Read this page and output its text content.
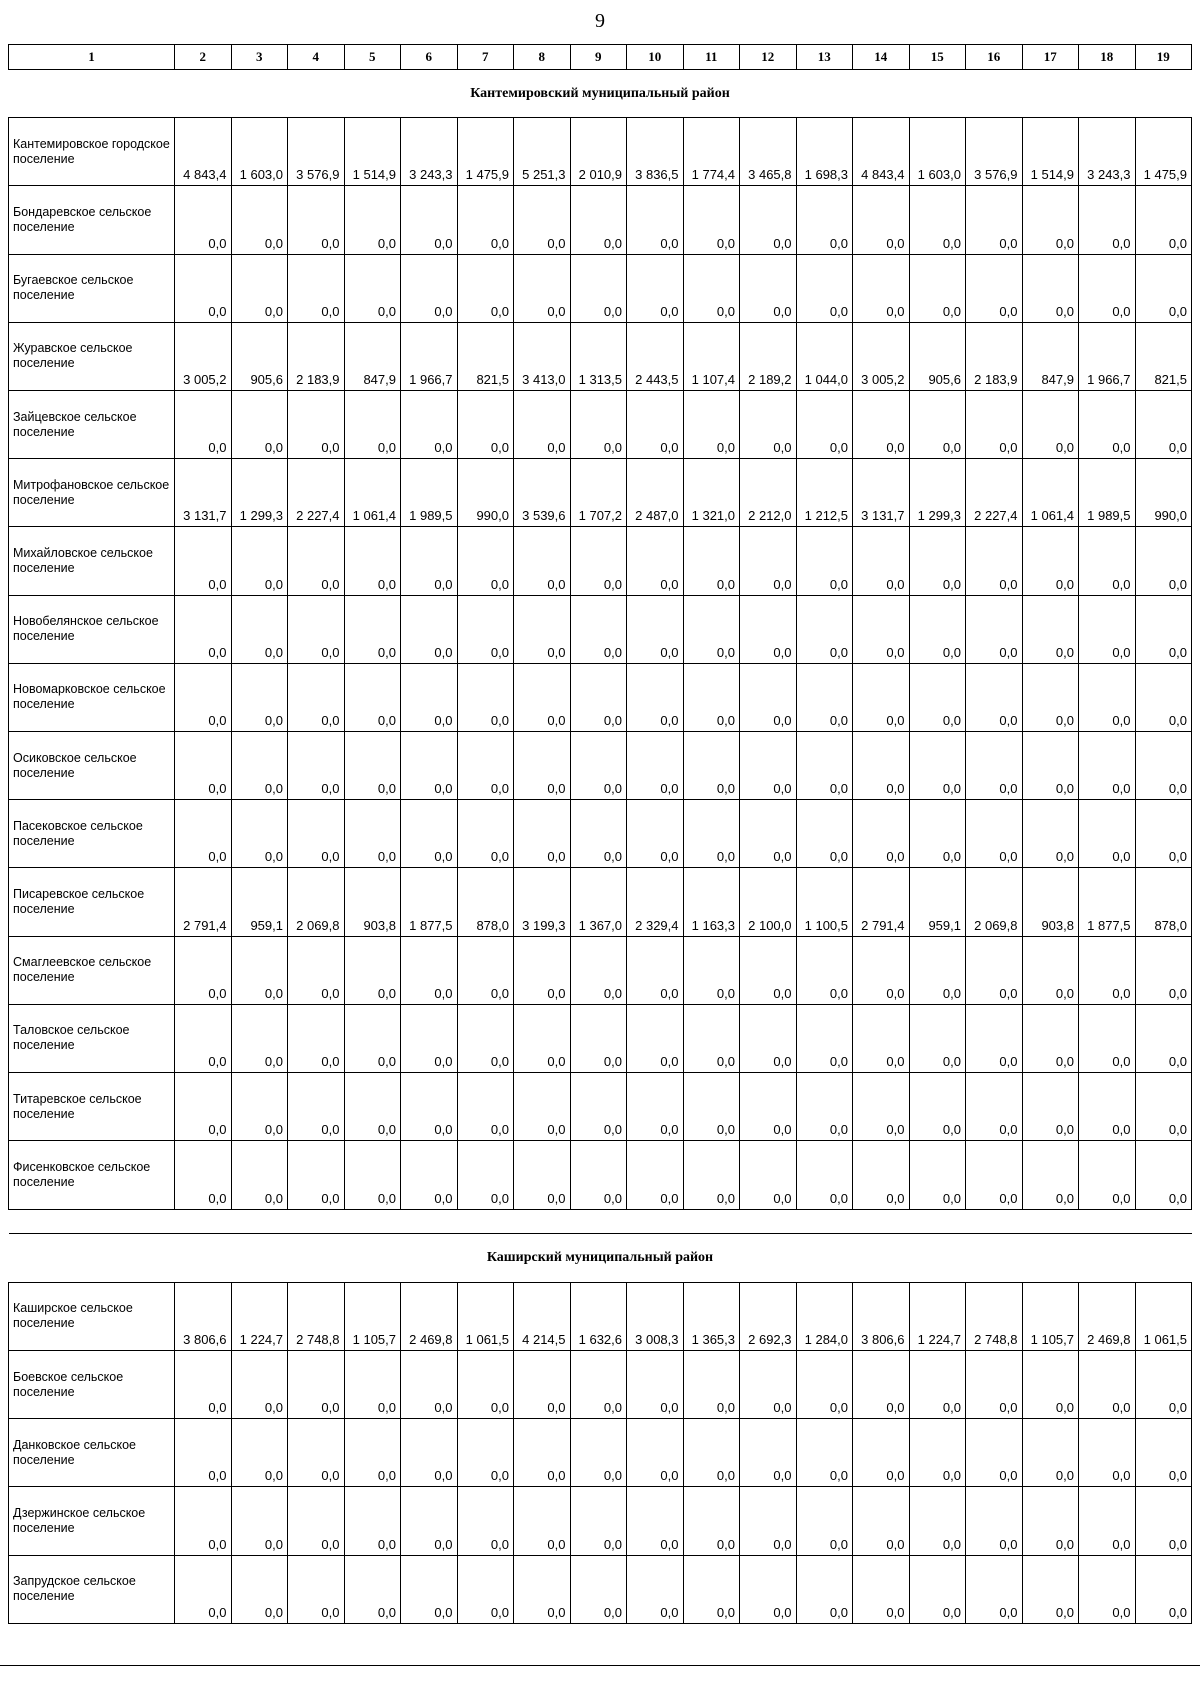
9
1	2	3	4	5	6	7	8	9	10	11	12	13	14	15	16	17	18	19
Кантемировский муниципальный район																		
Кантемировское городское поселение	4 843,4	1 603,0	3 576,9	1 514,9	3 243,3	1 475,9	5 251,3	2 010,9	3 836,5	1 774,4	3 465,8	1 698,3	4 843,4	1 603,0	3 576,9	1 514,9	3 243,3	1 475,9
Бондаревское сельское поселение	0,0	0,0	0,0	0,0	0,0	0,0	0,0	0,0	0,0	0,0	0,0	0,0	0,0	0,0	0,0	0,0	0,0	0,0
Бугаевское сельское поселение	0,0	0,0	0,0	0,0	0,0	0,0	0,0	0,0	0,0	0,0	0,0	0,0	0,0	0,0	0,0	0,0	0,0	0,0
Журавское сельское поселение	3 005,2	905,6	2 183,9	847,9	1 966,7	821,5	3 413,0	1 313,5	2 443,5	1 107,4	2 189,2	1 044,0	3 005,2	905,6	2 183,9	847,9	1 966,7	821,5
Зайцевское сельское поселение	0,0	0,0	0,0	0,0	0,0	0,0	0,0	0,0	0,0	0,0	0,0	0,0	0,0	0,0	0,0	0,0	0,0	0,0
Митрофановское сельское поселение	3 131,7	1 299,3	2 227,4	1 061,4	1 989,5	990,0	3 539,6	1 707,2	2 487,0	1 321,0	2 212,0	1 212,5	3 131,7	1 299,3	2 227,4	1 061,4	1 989,5	990,0
Михайловское сельское поселение	0,0	0,0	0,0	0,0	0,0	0,0	0,0	0,0	0,0	0,0	0,0	0,0	0,0	0,0	0,0	0,0	0,0	0,0
Новобелянское сельское поселение	0,0	0,0	0,0	0,0	0,0	0,0	0,0	0,0	0,0	0,0	0,0	0,0	0,0	0,0	0,0	0,0	0,0	0,0
Новомарковское сельское поселение	0,0	0,0	0,0	0,0	0,0	0,0	0,0	0,0	0,0	0,0	0,0	0,0	0,0	0,0	0,0	0,0	0,0	0,0
Осиковское сельское поселение	0,0	0,0	0,0	0,0	0,0	0,0	0,0	0,0	0,0	0,0	0,0	0,0	0,0	0,0	0,0	0,0	0,0	0,0
Пасековское сельское поселение	0,0	0,0	0,0	0,0	0,0	0,0	0,0	0,0	0,0	0,0	0,0	0,0	0,0	0,0	0,0	0,0	0,0	0,0
Писаревское сельское поселение	2 791,4	959,1	2 069,8	903,8	1 877,5	878,0	3 199,3	1 367,0	2 329,4	1 163,3	2 100,0	1 100,5	2 791,4	959,1	2 069,8	903,8	1 877,5	878,0
Смаглеевское сельское поселение	0,0	0,0	0,0	0,0	0,0	0,0	0,0	0,0	0,0	0,0	0,0	0,0	0,0	0,0	0,0	0,0	0,0	0,0
Таловское сельское поселение	0,0	0,0	0,0	0,0	0,0	0,0	0,0	0,0	0,0	0,0	0,0	0,0	0,0	0,0	0,0	0,0	0,0	0,0
Титаревское сельское поселение	0,0	0,0	0,0	0,0	0,0	0,0	0,0	0,0	0,0	0,0	0,0	0,0	0,0	0,0	0,0	0,0	0,0	0,0
Фисенковское сельское поселение	0,0	0,0	0,0	0,0	0,0	0,0	0,0	0,0	0,0	0,0	0,0	0,0	0,0	0,0	0,0	0,0	0,0	0,0

Каширский муниципальный район																		
Каширское сельское поселение	3 806,6	1 224,7	2 748,8	1 105,7	2 469,8	1 061,5	4 214,5	1 632,6	3 008,3	1 365,3	2 692,3	1 284,0	3 806,6	1 224,7	2 748,8	1 105,7	2 469,8	1 061,5
Боевское сельское поселение	0,0	0,0	0,0	0,0	0,0	0,0	0,0	0,0	0,0	0,0	0,0	0,0	0,0	0,0	0,0	0,0	0,0	0,0
Данковское сельское поселение	0,0	0,0	0,0	0,0	0,0	0,0	0,0	0,0	0,0	0,0	0,0	0,0	0,0	0,0	0,0	0,0	0,0	0,0
Дзержинское сельское поселение	0,0	0,0	0,0	0,0	0,0	0,0	0,0	0,0	0,0	0,0	0,0	0,0	0,0	0,0	0,0	0,0	0,0	0,0
Запрудское сельское поселение	0,0	0,0	0,0	0,0	0,0	0,0	0,0	0,0	0,0	0,0	0,0	0,0	0,0	0,0	0,0	0,0	0,0	0,0
